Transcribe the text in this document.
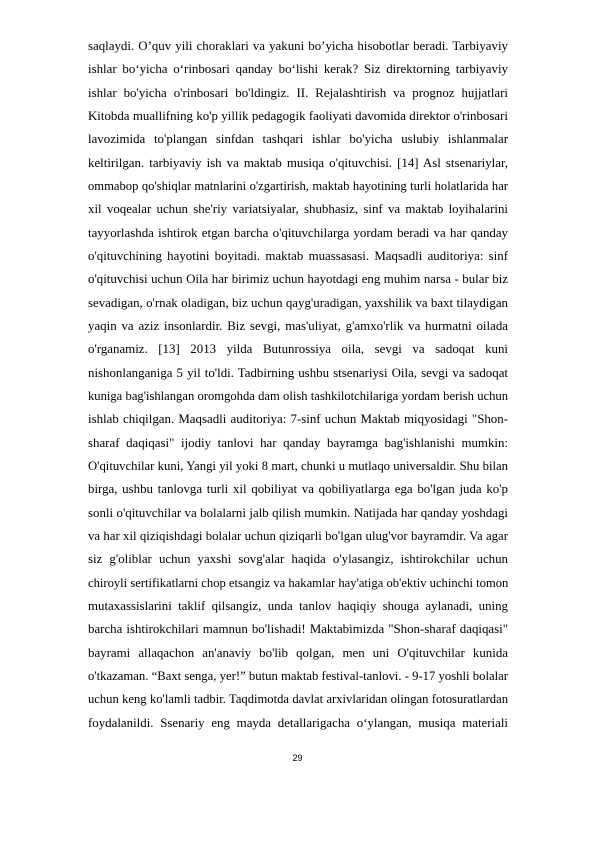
saqlaydi. O’quv yili choraklari va yakuni bo’yicha hisobotlar beradi. Tarbiyaviy
ishlar bo‘yicha o‘rinbosari qanday bo‘lishi kerak? Siz direktorning tarbiyaviy
ishlar bo'yicha o'rinbosari bo'ldingiz. II. Rejalashtirish va prognoz hujjatlari
Kitobda muallifning ko'p yillik pedagogik faoliyati davomida direktor o'rinbosari
lavozimida to'plangan sinfdan tashqari ishlar bo'yicha uslubiy ishlanmalar
keltirilgan. tarbiyaviy ish va maktab musiqa o'qituvchisi. [14] Asl stsenariylar,
ommabop qo'shiqlar matnlarini o'zgartirish, maktab hayotining turli holatlarida har
xil voqealar uchun she'riy variatsiyalar, shubhasiz, sinf va maktab loyihalarini
tayyorlashda ishtirok etgan barcha o'qituvchilarga yordam beradi va har qanday
o'qituvchining hayotini boyitadi. maktab muassasasi. Maqsadli auditoriya: sinf
o'qituvchisi uchun Oila har birimiz uchun hayotdagi eng muhim narsa - bular biz
sevadigan, o'rnak oladigan, biz uchun qayg'uradigan, yaxshilik va baxt tilaydigan
yaqin va aziz insonlardir. Biz sevgi, mas'uliyat, g'amxo'rlik va hurmatni oilada
o'rganamiz. [13] 2013 yilda Butunrossiya oila, sevgi va sadoqat kuni
nishonlanganiga 5 yil to'ldi. Tadbirning ushbu stsenariysi Oila, sevgi va sadoqat
kuniga bag'ishlangan oromgohda dam olish tashkilotchilariga yordam berish uchun
ishlab chiqilgan. Maqsadli auditoriya: 7-sinf uchun Maktab miqyosidagi "Shon-
sharaf daqiqasi" ijodiy tanlovi har qanday bayramga bag'ishlanishi mumkin:
O'qituvchilar kuni, Yangi yil yoki 8 mart, chunki u mutlaqo universaldir. Shu bilan
birga, ushbu tanlovga turli xil qobiliyat va qobiliyatlarga ega bo'lgan juda ko'p
sonli o'qituvchilar va bolalarni jalb qilish mumkin. Natijada har qanday yoshdagi
va har xil qiziqishdagi bolalar uchun qiziqarli bo'lgan ulug'vor bayramdir. Va agar
siz g'oliblar uchun yaxshi sovg'alar haqida o'ylasangiz, ishtirokchilar uchun
chiroyli sertifikatlarni chop etsangiz va hakamlar hay'atiga ob'ektiv uchinchi tomon
mutaxassislarini taklif qilsangiz, unda tanlov haqiqiy shouga aylanadi, uning
barcha ishtirokchilari mamnun bo'lishadi! Maktabimizda "Shon-sharaf daqiqasi"
bayrami allaqachon an'anaviy bo'lib qolgan, men uni O'qituvchilar kunida
o'tkazaman. “Baxt senga, yer!” butun maktab festival-tanlovi. - 9-17 yoshli bolalar
uchun keng ko'lamli tadbir. Taqdimotda davlat arxivlaridan olingan fotosuratlardan
foydalanildi. Ssenariy eng mayda detallarigacha o‘ylangan, musiqa materiali
29
